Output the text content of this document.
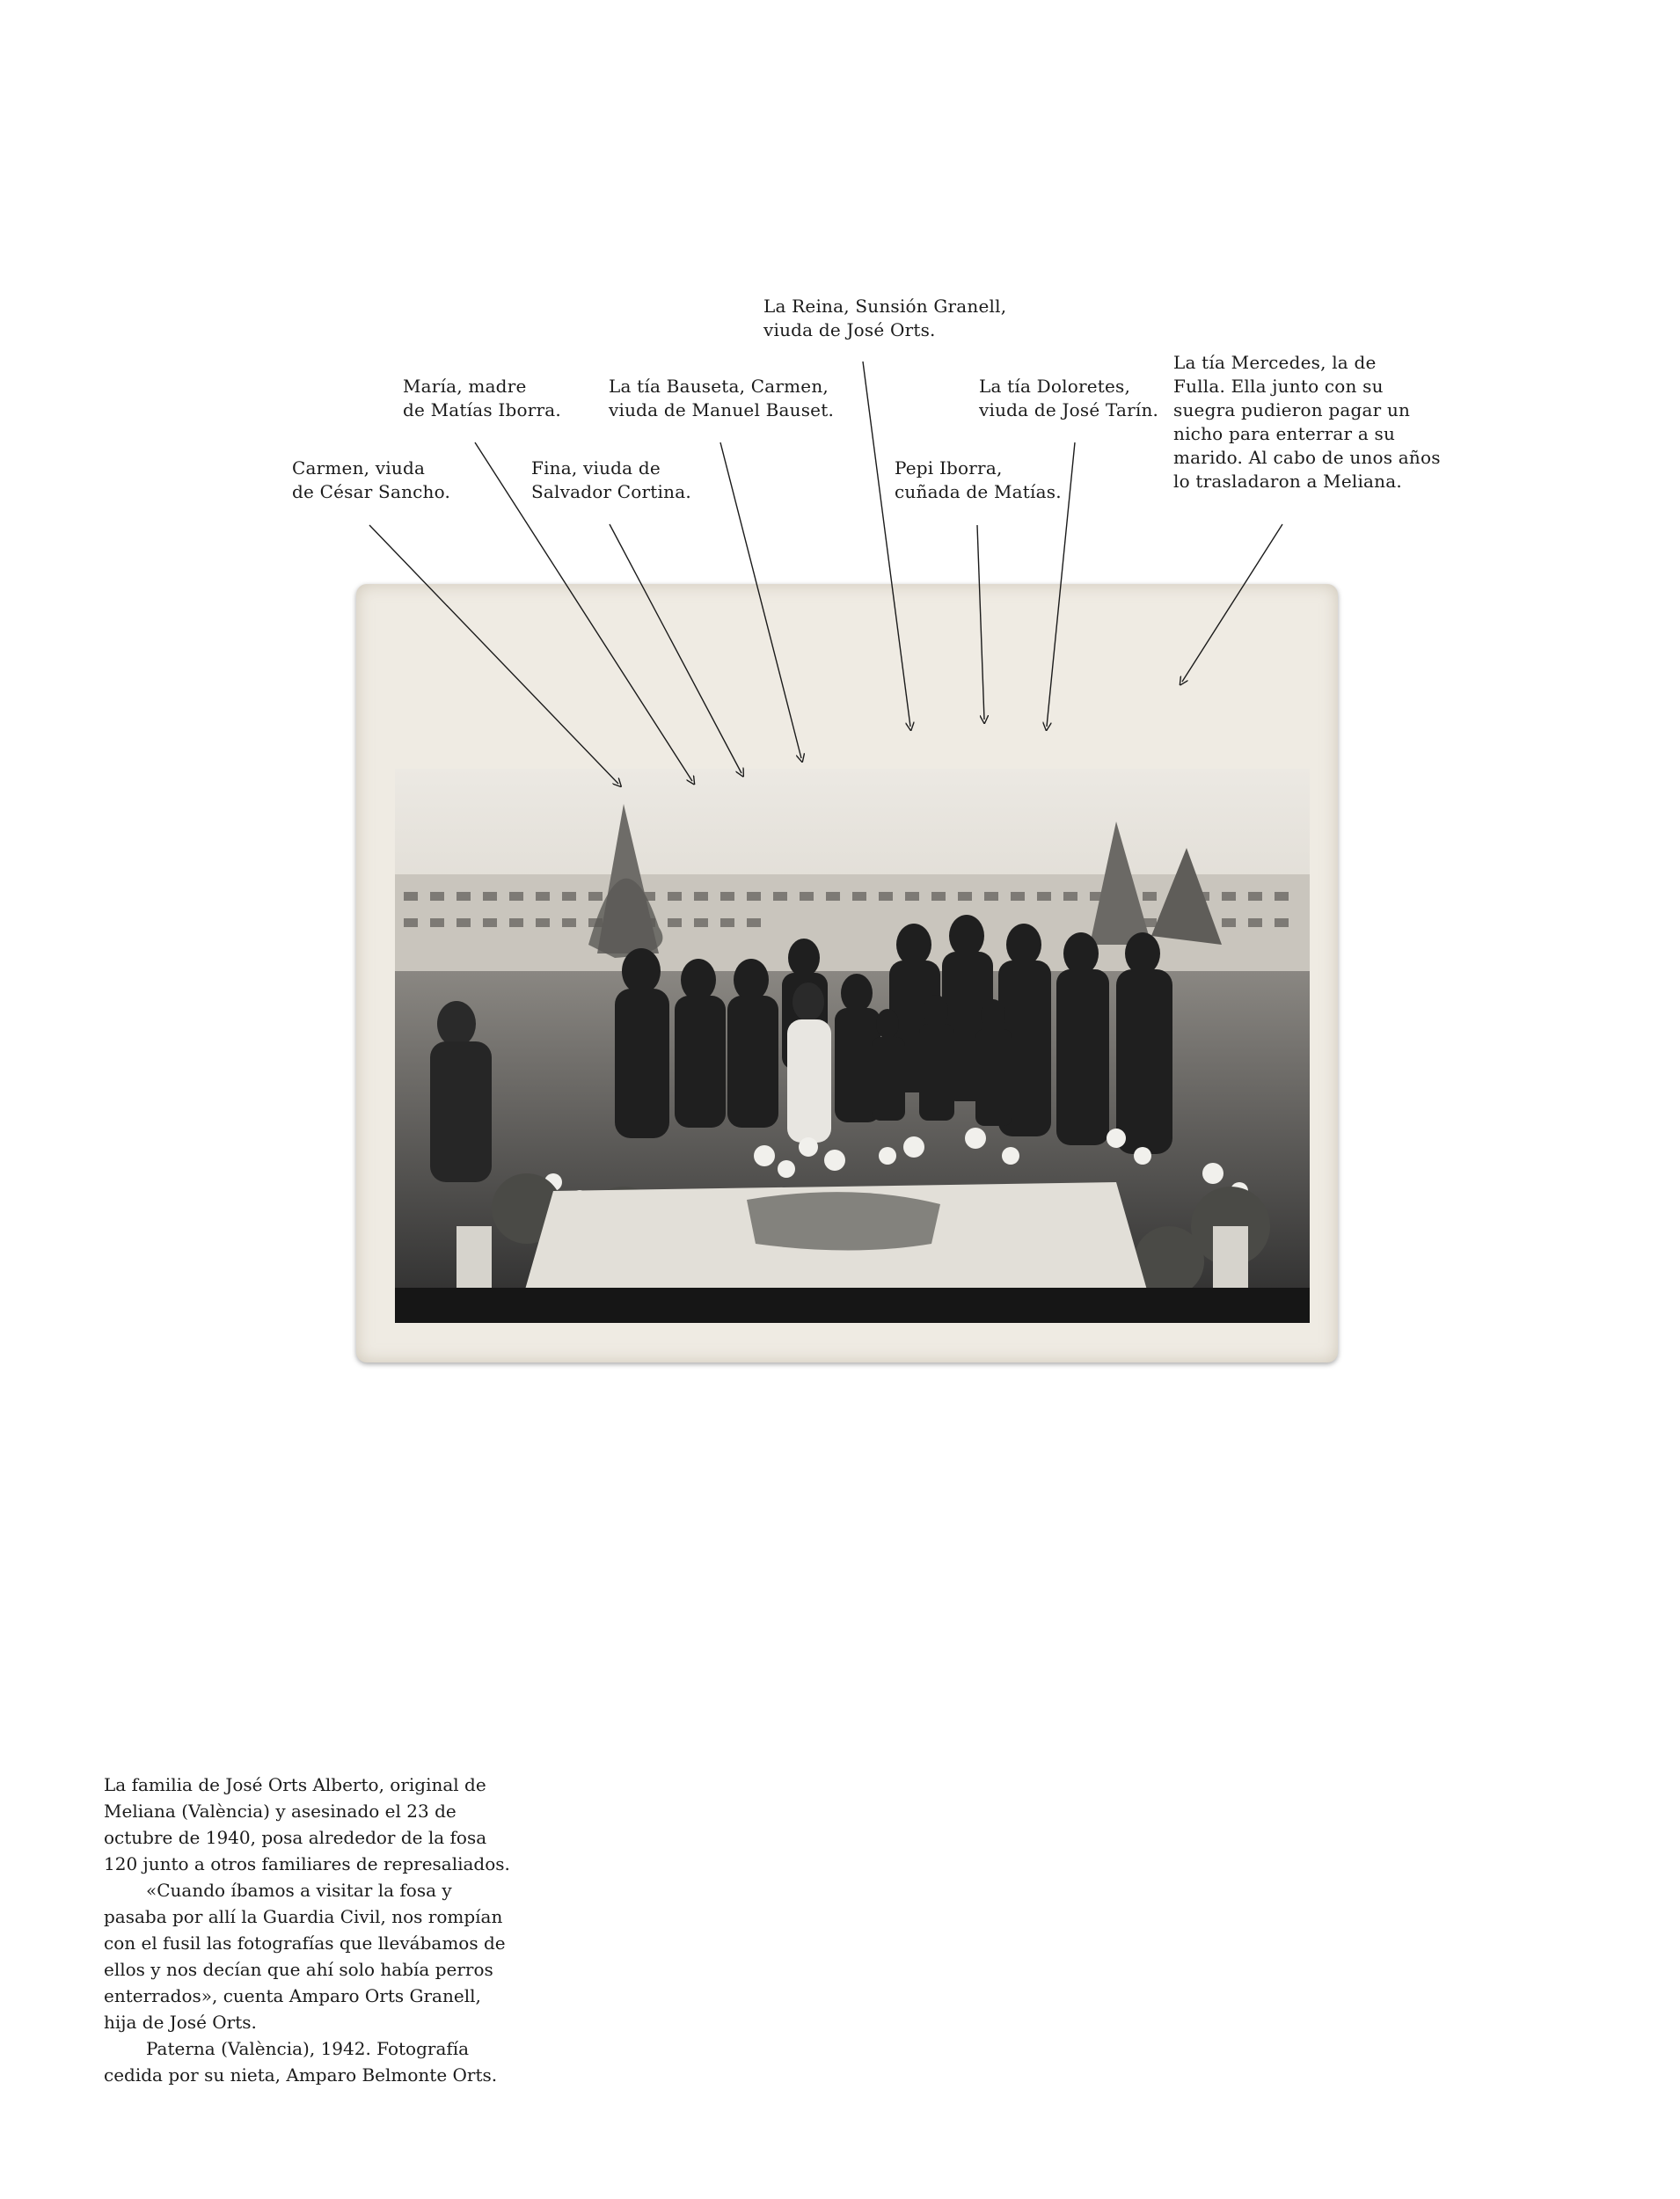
Carmen, viuda
de César Sancho.
María, madre
de Matías Iborra.
Fina, viuda de
Salvador Cortina.
La tía Bauseta, Carmen,
viuda de Manuel Bauset.
La Reina, Sunsión Granell,
viuda de José Orts.
Pepi Iborra,
cuñada de Matías.
La tía Doloretes,
viuda de José Tarín.
La tía Mercedes, la de
Fulla. Ella junto con su
suegra pudieron pagar un
nicho para enterrar a su
marido. Al cabo de unos años
lo trasladaron a Meliana.

La familia de José Orts Alberto, original de Meliana (València) y asesinado el 23 de octubre de 1940, posa alrededor de la fosa 120 junto a otros familiares de represaliados.

«Cuando íbamos a visitar la fosa y pasaba por allí la Guardia Civil, nos rompían con el fusil las fotografías que llevábamos de ellos y nos decían que ahí solo había perros enterrados», cuenta Amparo Orts Granell, hija de José Orts.

Paterna (València), 1942. Fotografía cedida por su nieta, Amparo Belmonte Orts.
